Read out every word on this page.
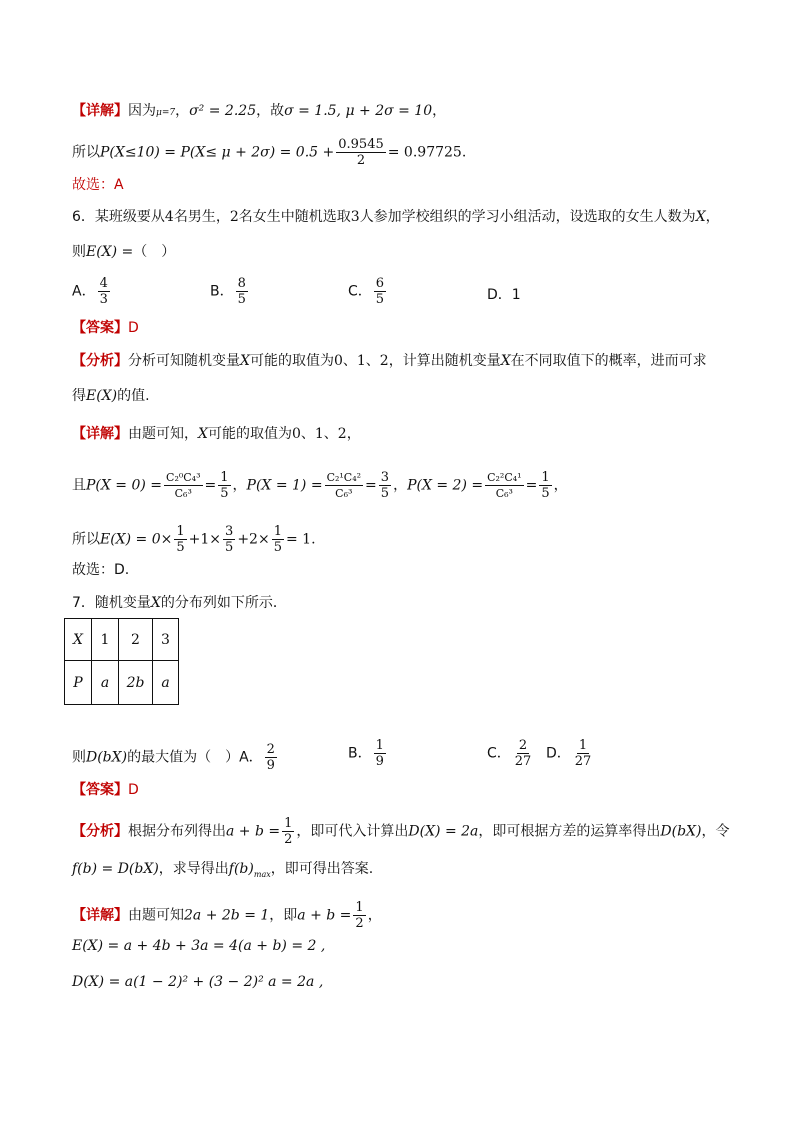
【详解】因为μ=7，σ² = 2.25，故σ = 1.5, μ + 2σ = 10，
所以$P(X\le 10) = P(X\le \mu + 2\sigma) = 0.5 + \frac{0.9545}{2} = 0.97725$.
故选：A
6．某班级要从4名男生，2名女生中随机选取3人参加学校组织的学习小组活动，设选取的女生人数为X，
则E(X) =（　）
A． $\frac{4}{3}$	B． $\frac{8}{5}$	C． $\frac{6}{5}$	D．1
【答案】D
【分析】分析可知随机变量X可能的取值为0、1、2，计算出随机变量X在不同取值下的概率，进而可求
得E(X)的值.
【详解】由题可知，X可能的取值为0、1、2，
且$P(X = 0) = \frac{\text{C₂⁰C₄³}}{\text{C₆³}} = \frac{1}{5}$ ，$P(X = 1) = \frac{\text{C₂¹C₄²}}{\text{C₆³}} = \frac{3}{5}$ ，$P(X = 2) = \frac{\text{C₂²C₄¹}}{\text{C₆³}} = \frac{1}{5}$ ，
所以$E(X) = 0\times \frac{1}{5} +1\times \frac{3}{5} +2\times \frac{1}{5} = 1$.
故选：D.
7．随机变量X的分布列如下所示．
X	1	2	3
P	a	2b	a
则D(bX)的最大值为（　）A． $\frac{2}{9}$	B． $\frac{1}{9}$	C． $\frac{2}{27}$ D． $\frac{1}{27}$
【答案】D
【分析】根据分布列得出$a + b = \frac{1}{2}$ ，即可代入计算出D(X) = 2a，即可根据方差的运算率得出D(bX)，令
f(b) = D(bX)，求导得出$f(b)_{max}$，即可得出答案.
【详解】由题可知2a + 2b = 1，即$a + b = \frac{1}{2}$ ，
E(X) = a + 4b + 3a = 4(a + b) = 2 ,
D(X) = a(1 − 2)² + (3 − 2)² a = 2a ,
